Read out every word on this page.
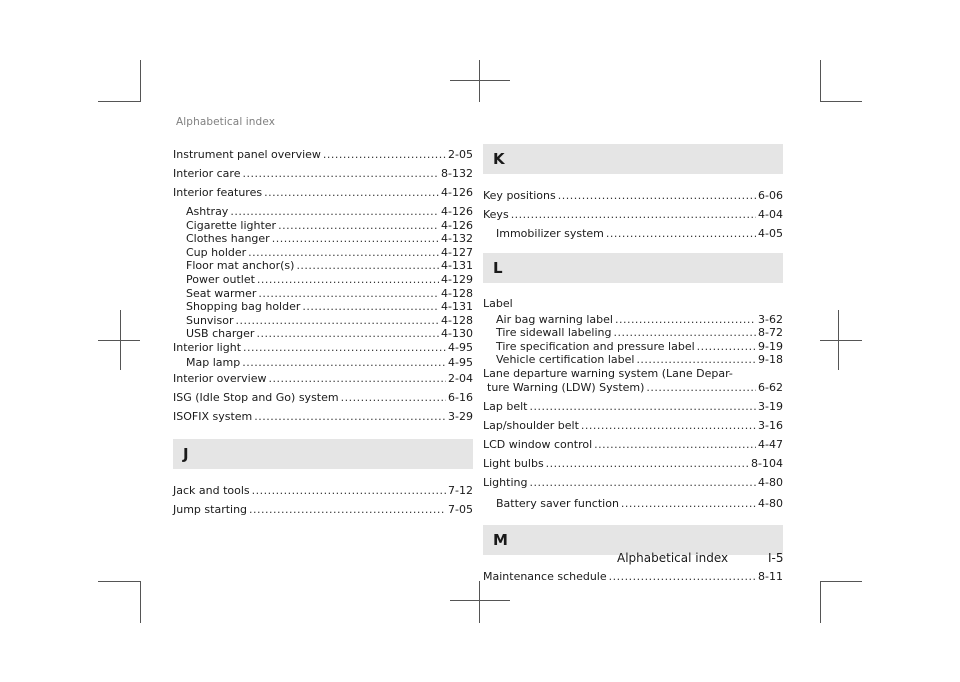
Alphabetical index
Instrument panel overview .....	2-05
Interior care .....	8-132
Interior features .....	4-126
Ashtray .....	4-126
Cigarette lighter .....	4-126
Clothes hanger .....	4-132
Cup holder .....	4-127
Floor mat anchor(s) .....	4-131
Power outlet .....	4-129
Seat warmer .....	4-128
Shopping bag holder .....	4-131
Sunvisor .....	4-128
USB charger .....	4-130
Interior light .....	4-95
Map lamp .....	4-95
Interior overview .....	2-04
ISG (Idle Stop and Go) system .....	6-16
ISOFIX system .....	3-29
J
Jack and tools .....	7-12
Jump starting .....	7-05
K
Key positions .....	6-06
Keys .....	4-04
Immobilizer system .....	4-05
L
Label
Air bag warning label .....	3-62
Tire sidewall labeling .....	8-72
Tire specification and pressure label .....	9-19
Vehicle certification label .....	9-18
Lane departure warning system (Lane Depar-
ture Warning (LDW) System) .....	6-62
Lap belt .....	3-19
Lap/shoulder belt .....	3-16
LCD window control .....	4-47
Light bulbs .....	8-104
Lighting .....	4-80
Battery saver function .....	4-80
M
Maintenance schedule .....	8-11
Alphabetical index	I-5
